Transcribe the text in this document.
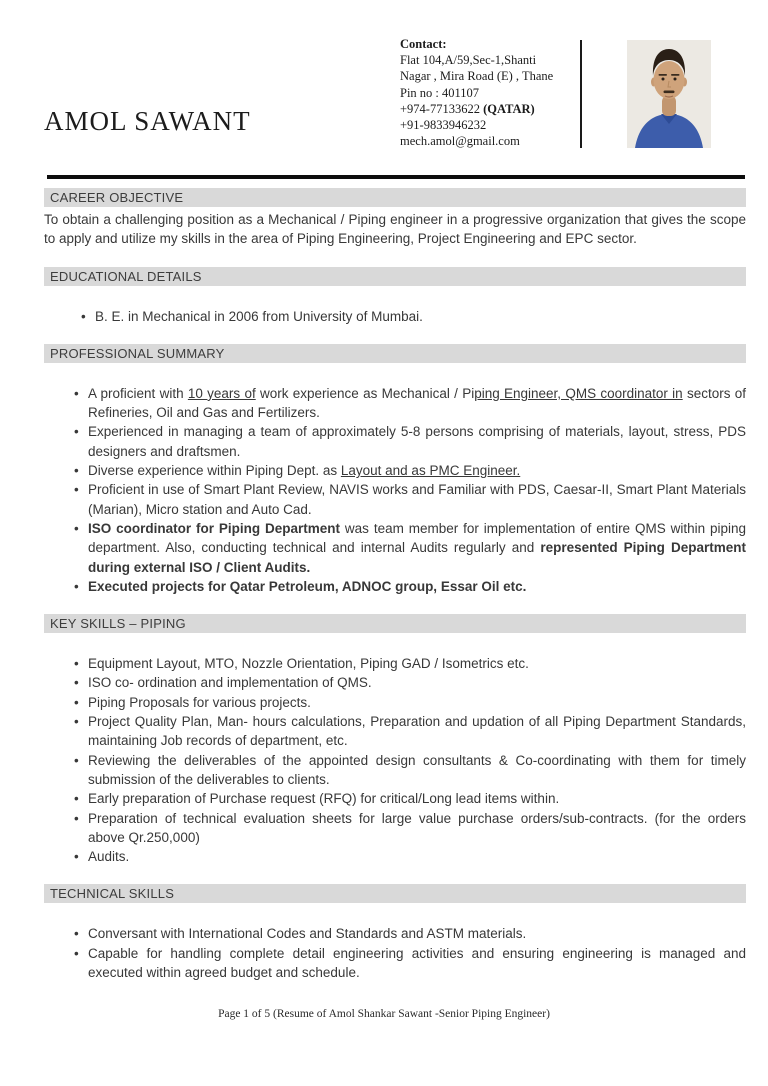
AMOL SAWANT
Contact:
Flat 104,A/59,Sec-1,Shanti
Nagar , Mira Road (E) , Thane
Pin no : 401107
+974-77133622 (QATAR)
+91-9833946232
mech.amol@gmail.com
CAREER OBJECTIVE

To obtain a challenging position as a Mechanical / Piping engineer in a progressive organization that gives the scope to apply and utilize my skills in the area of Piping Engineering, Project Engineering and EPC sector.

EDUCATIONAL DETAILS
• B. E. in Mechanical in 2006 from University of Mumbai.
PROFESSIONAL SUMMARY
• A proficient with 10 years of work experience as Mechanical / Piping Engineer, QMS coordinator in sectors of Refineries, Oil and Gas and Fertilizers.
• Experienced in managing a team of approximately 5-8 persons comprising of materials, layout, stress, PDS designers and draftsmen.
• Diverse experience within Piping Dept. as Layout and as PMC Engineer.
• Proficient in use of Smart Plant Review, NAVIS works and Familiar with PDS, Caesar-II, Smart Plant Materials (Marian), Micro station and Auto Cad.
• ISO coordinator for Piping Department was team member for implementation of entire QMS within piping department. Also, conducting technical and internal Audits regularly and represented Piping Department during external ISO / Client Audits.
• Executed projects for Qatar Petroleum, ADNOC group, Essar Oil etc.
KEY SKILLS – PIPING
• Equipment Layout, MTO, Nozzle Orientation, Piping GAD / Isometrics etc.
• ISO co- ordination and implementation of QMS.
• Piping Proposals for various projects.
• Project Quality Plan, Man- hours calculations, Preparation and updation of all Piping Department Standards, maintaining Job records of department, etc.
• Reviewing the deliverables of the appointed design consultants & Co-coordinating with them for timely submission of the deliverables to clients.
• Early preparation of Purchase request (RFQ) for critical/Long lead items within.
• Preparation of technical evaluation sheets for large value purchase orders/sub-contracts. (for the orders above Qr.250,000)
• Audits.
TECHNICAL SKILLS
• Conversant with International Codes and Standards and ASTM materials.
• Capable for handling complete detail engineering activities and ensuring engineering is managed and executed within agreed budget and schedule.
Page 1 of 5 (Resume of Amol Shankar Sawant -Senior Piping Engineer)
